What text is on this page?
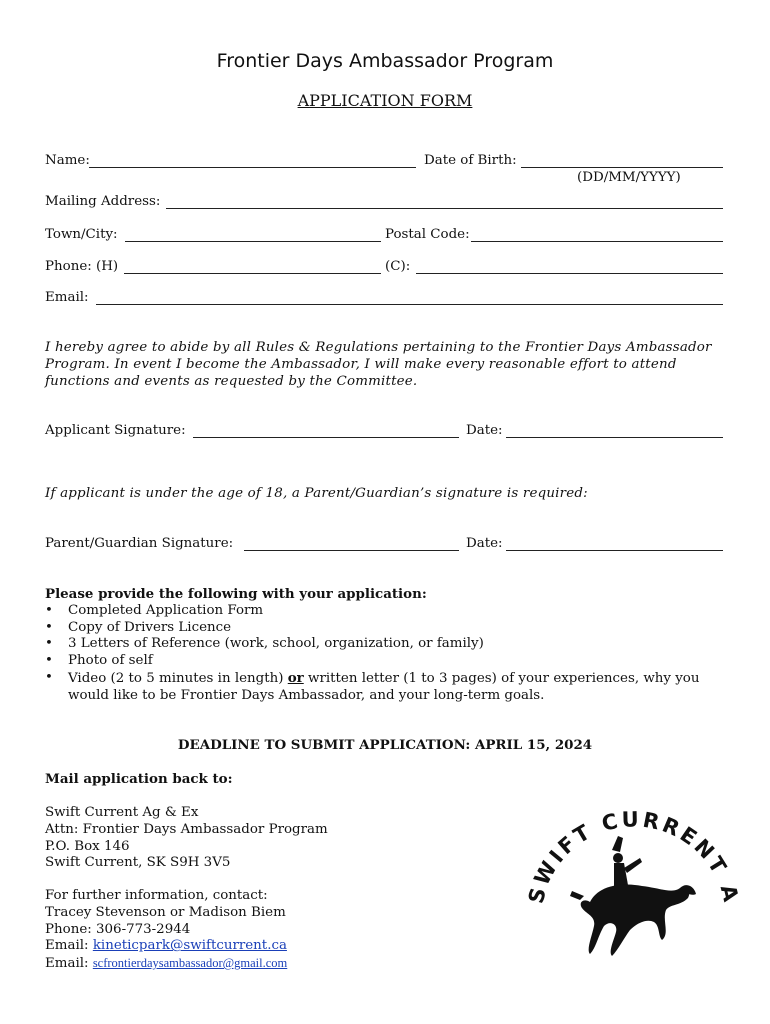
Frontier Days Ambassador Program
APPLICATION FORM
Name:	Date of Birth:
(DD/MM/YYYY)
Mailing Address:
Town/City:	Postal Code:
Phone: (H)	(C):
Email:
I hereby agree to abide by all Rules & Regulations pertaining to the Frontier Days Ambassador Program. In event I become the Ambassador, I will make every reasonable effort to attend functions and events as requested by the Committee.
Applicant Signature:	Date:
If applicant is under the age of 18, a Parent/Guardian’s signature is required:
Parent/Guardian Signature:	Date:
Please provide the following with your application:
• Completed Application Form
• Copy of Drivers Licence
• 3 Letters of Reference (work, school, organization, or family)
• Photo of self
• Video (2 to 5 minutes in length) or written letter (1 to 3 pages) of your experiences, why you would like to be Frontier Days Ambassador, and your long-term goals.
DEADLINE TO SUBMIT APPLICATION: APRIL 15, 2024
Mail application back to:
Swift Current Ag & Ex
Attn: Frontier Days Ambassador Program
P.O. Box 146
Swift Current, SK S9H 3V5
For further information, contact:
Tracey Stevenson or Madison Biem
Phone: 306-773-2944
Email: kineticpark@swiftcurrent.ca
Email: scfrontierdaysambassador@gmail.com
SWIFT CURRENT
